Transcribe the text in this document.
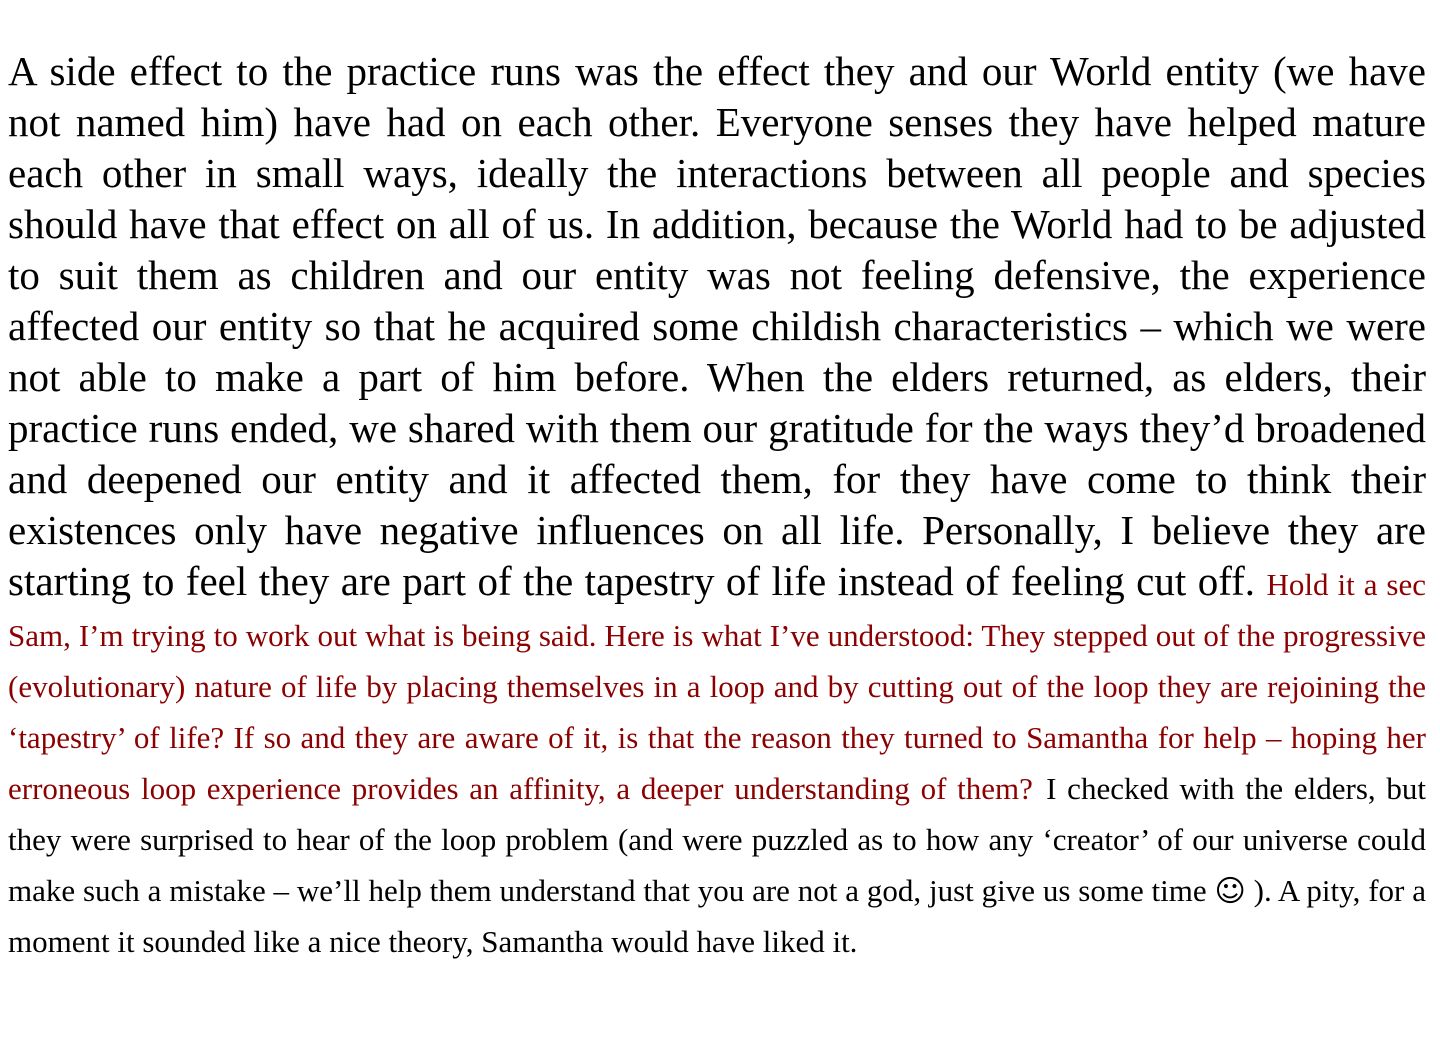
A side effect to the practice runs was the effect they and our World entity (we have not named him) have had on each other. Everyone senses they have helped mature each other in small ways, ideally the interactions between all people and species should have that effect on all of us. In addition, because the World had to be adjusted to suit them as children and our entity was not feeling defensive, the experience affected our entity so that he acquired some childish characteristics – which we were not able to make a part of him before. When the elders returned, as elders, their practice runs ended, we shared with them our gratitude for the ways they’d broadened and deepened our entity and it affected them, for they have come to think their existences only have negative influences on all life. Personally, I believe they are starting to feel they are part of the tapestry of life instead of feeling cut off. Hold it a sec Sam, I’m trying to work out what is being said. Here is what I’ve understood: They stepped out of the progressive (evolutionary) nature of life by placing themselves in a loop and by cutting out of the loop they are rejoining the ‘tapestry’ of life? If so and they are aware of it, is that the reason they turned to Samantha for help – hoping her erroneous loop experience provides an affinity, a deeper understanding of them? I checked with the elders, but they were surprised to hear of the loop problem (and were puzzled as to how any ‘creator’ of our universe could make such a mistake – we’ll help them understand that you are not a god, just give us some time ☺ ). A pity, for a moment it sounded like a nice theory, Samantha would have liked it.
